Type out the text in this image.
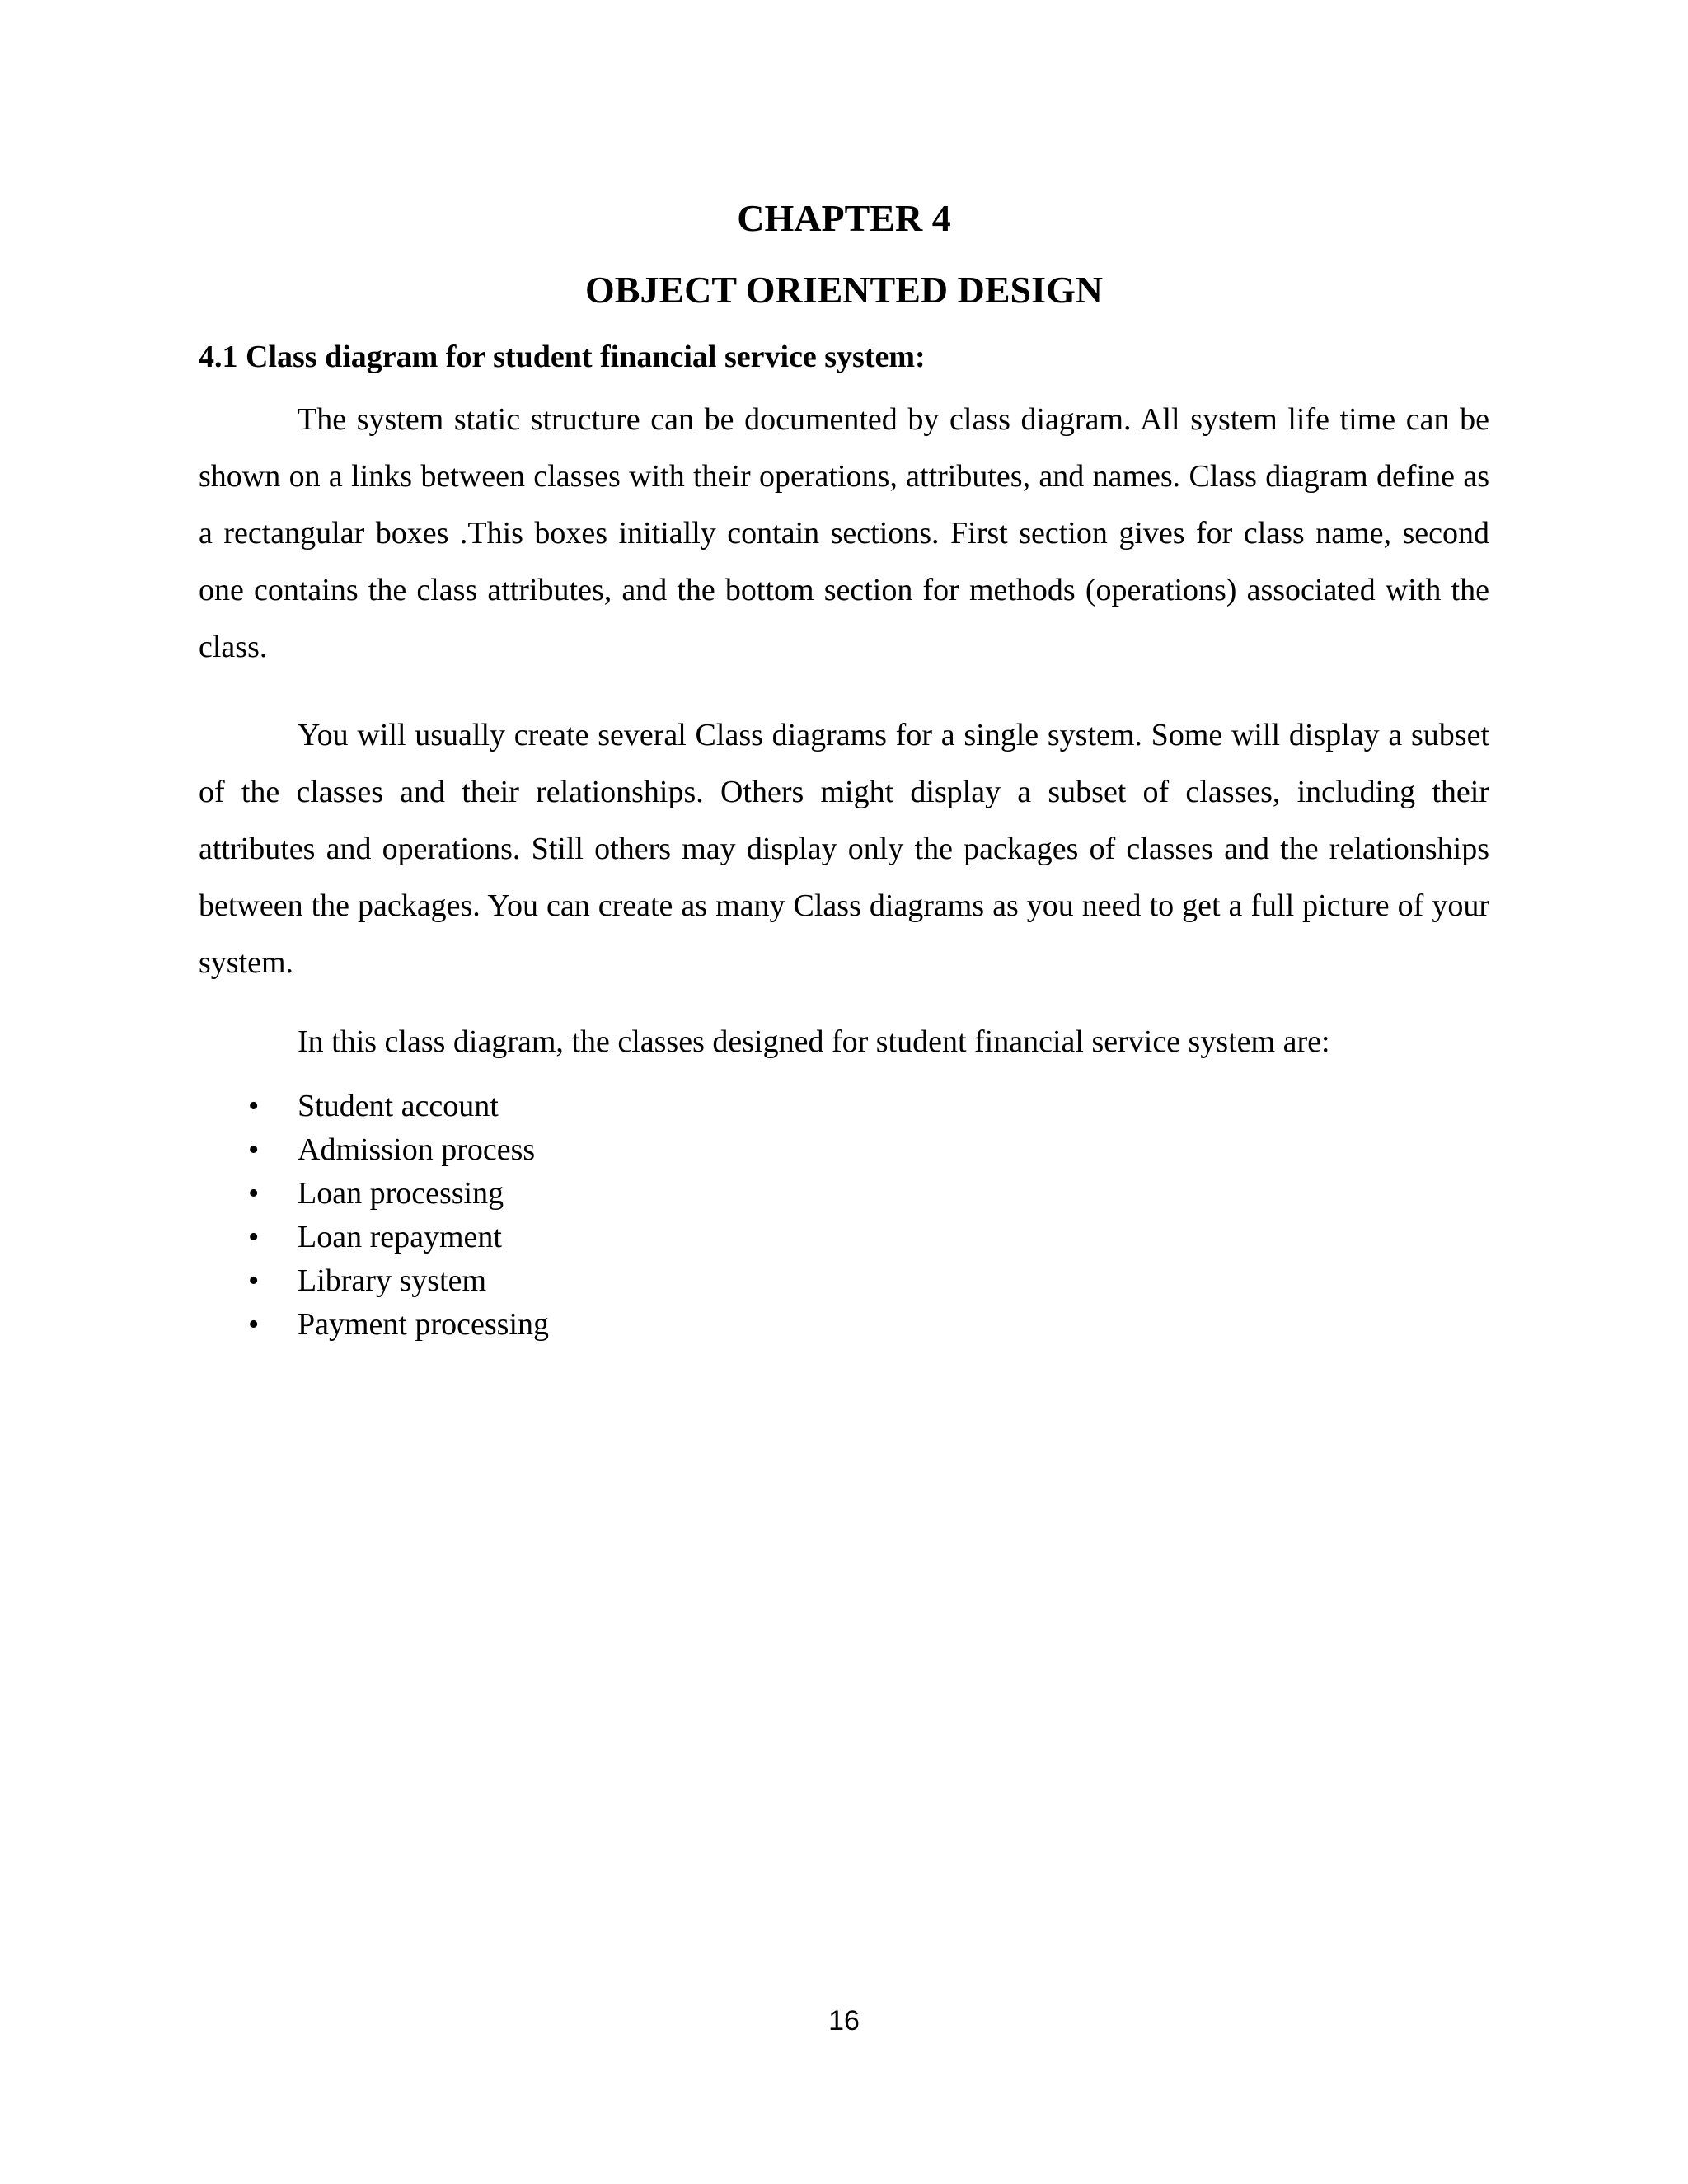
CHAPTER 4
OBJECT ORIENTED DESIGN
4.1 Class diagram for student financial service system:

The system static structure can be documented by class diagram. All system life time can be shown on a links between classes with their operations, attributes, and names. Class diagram define as a rectangular boxes .This boxes initially contain sections. First section gives for class name, second one contains the class attributes, and the bottom section for methods (operations) associated with the class.

You will usually create several Class diagrams for a single system. Some will display a subset of the classes and their relationships. Others might display a subset of classes, including their attributes and operations. Still others may display only the packages of classes and the relationships between the packages. You can create as many Class diagrams as you need to get a full picture of your system.

In this class diagram, the classes designed for student financial service system are:

• Student account
• Admission process
• Loan processing
• Loan repayment
• Library system
• Payment processing
16
